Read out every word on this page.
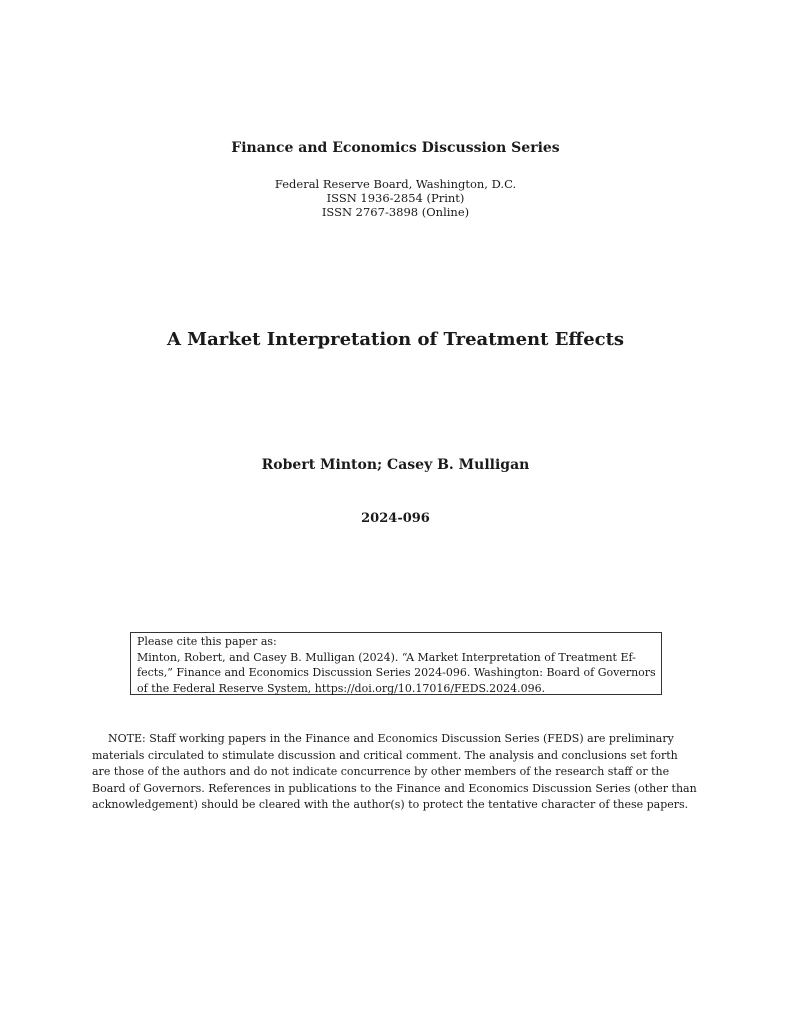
Finance and Economics Discussion Series
Federal Reserve Board, Washington, D.C.
ISSN 1936-2854 (Print)
ISSN 2767-3898 (Online)
A Market Interpretation of Treatment Effects
Robert Minton; Casey B. Mulligan
2024-096
Please cite this paper as:
Minton, Robert, and Casey B. Mulligan (2024). “A Market Interpretation of Treatment Ef-
fects,” Finance and Economics Discussion Series 2024-096. Washington: Board of Governors
of the Federal Reserve System, https://doi.org/10.17016/FEDS.2024.096.
NOTE: Staff working papers in the Finance and Economics Discussion Series (FEDS) are preliminary
materials circulated to stimulate discussion and critical comment. The analysis and conclusions set forth
are those of the authors and do not indicate concurrence by other members of the research staff or the
Board of Governors. References in publications to the Finance and Economics Discussion Series (other than
acknowledgement) should be cleared with the author(s) to protect the tentative character of these papers.
